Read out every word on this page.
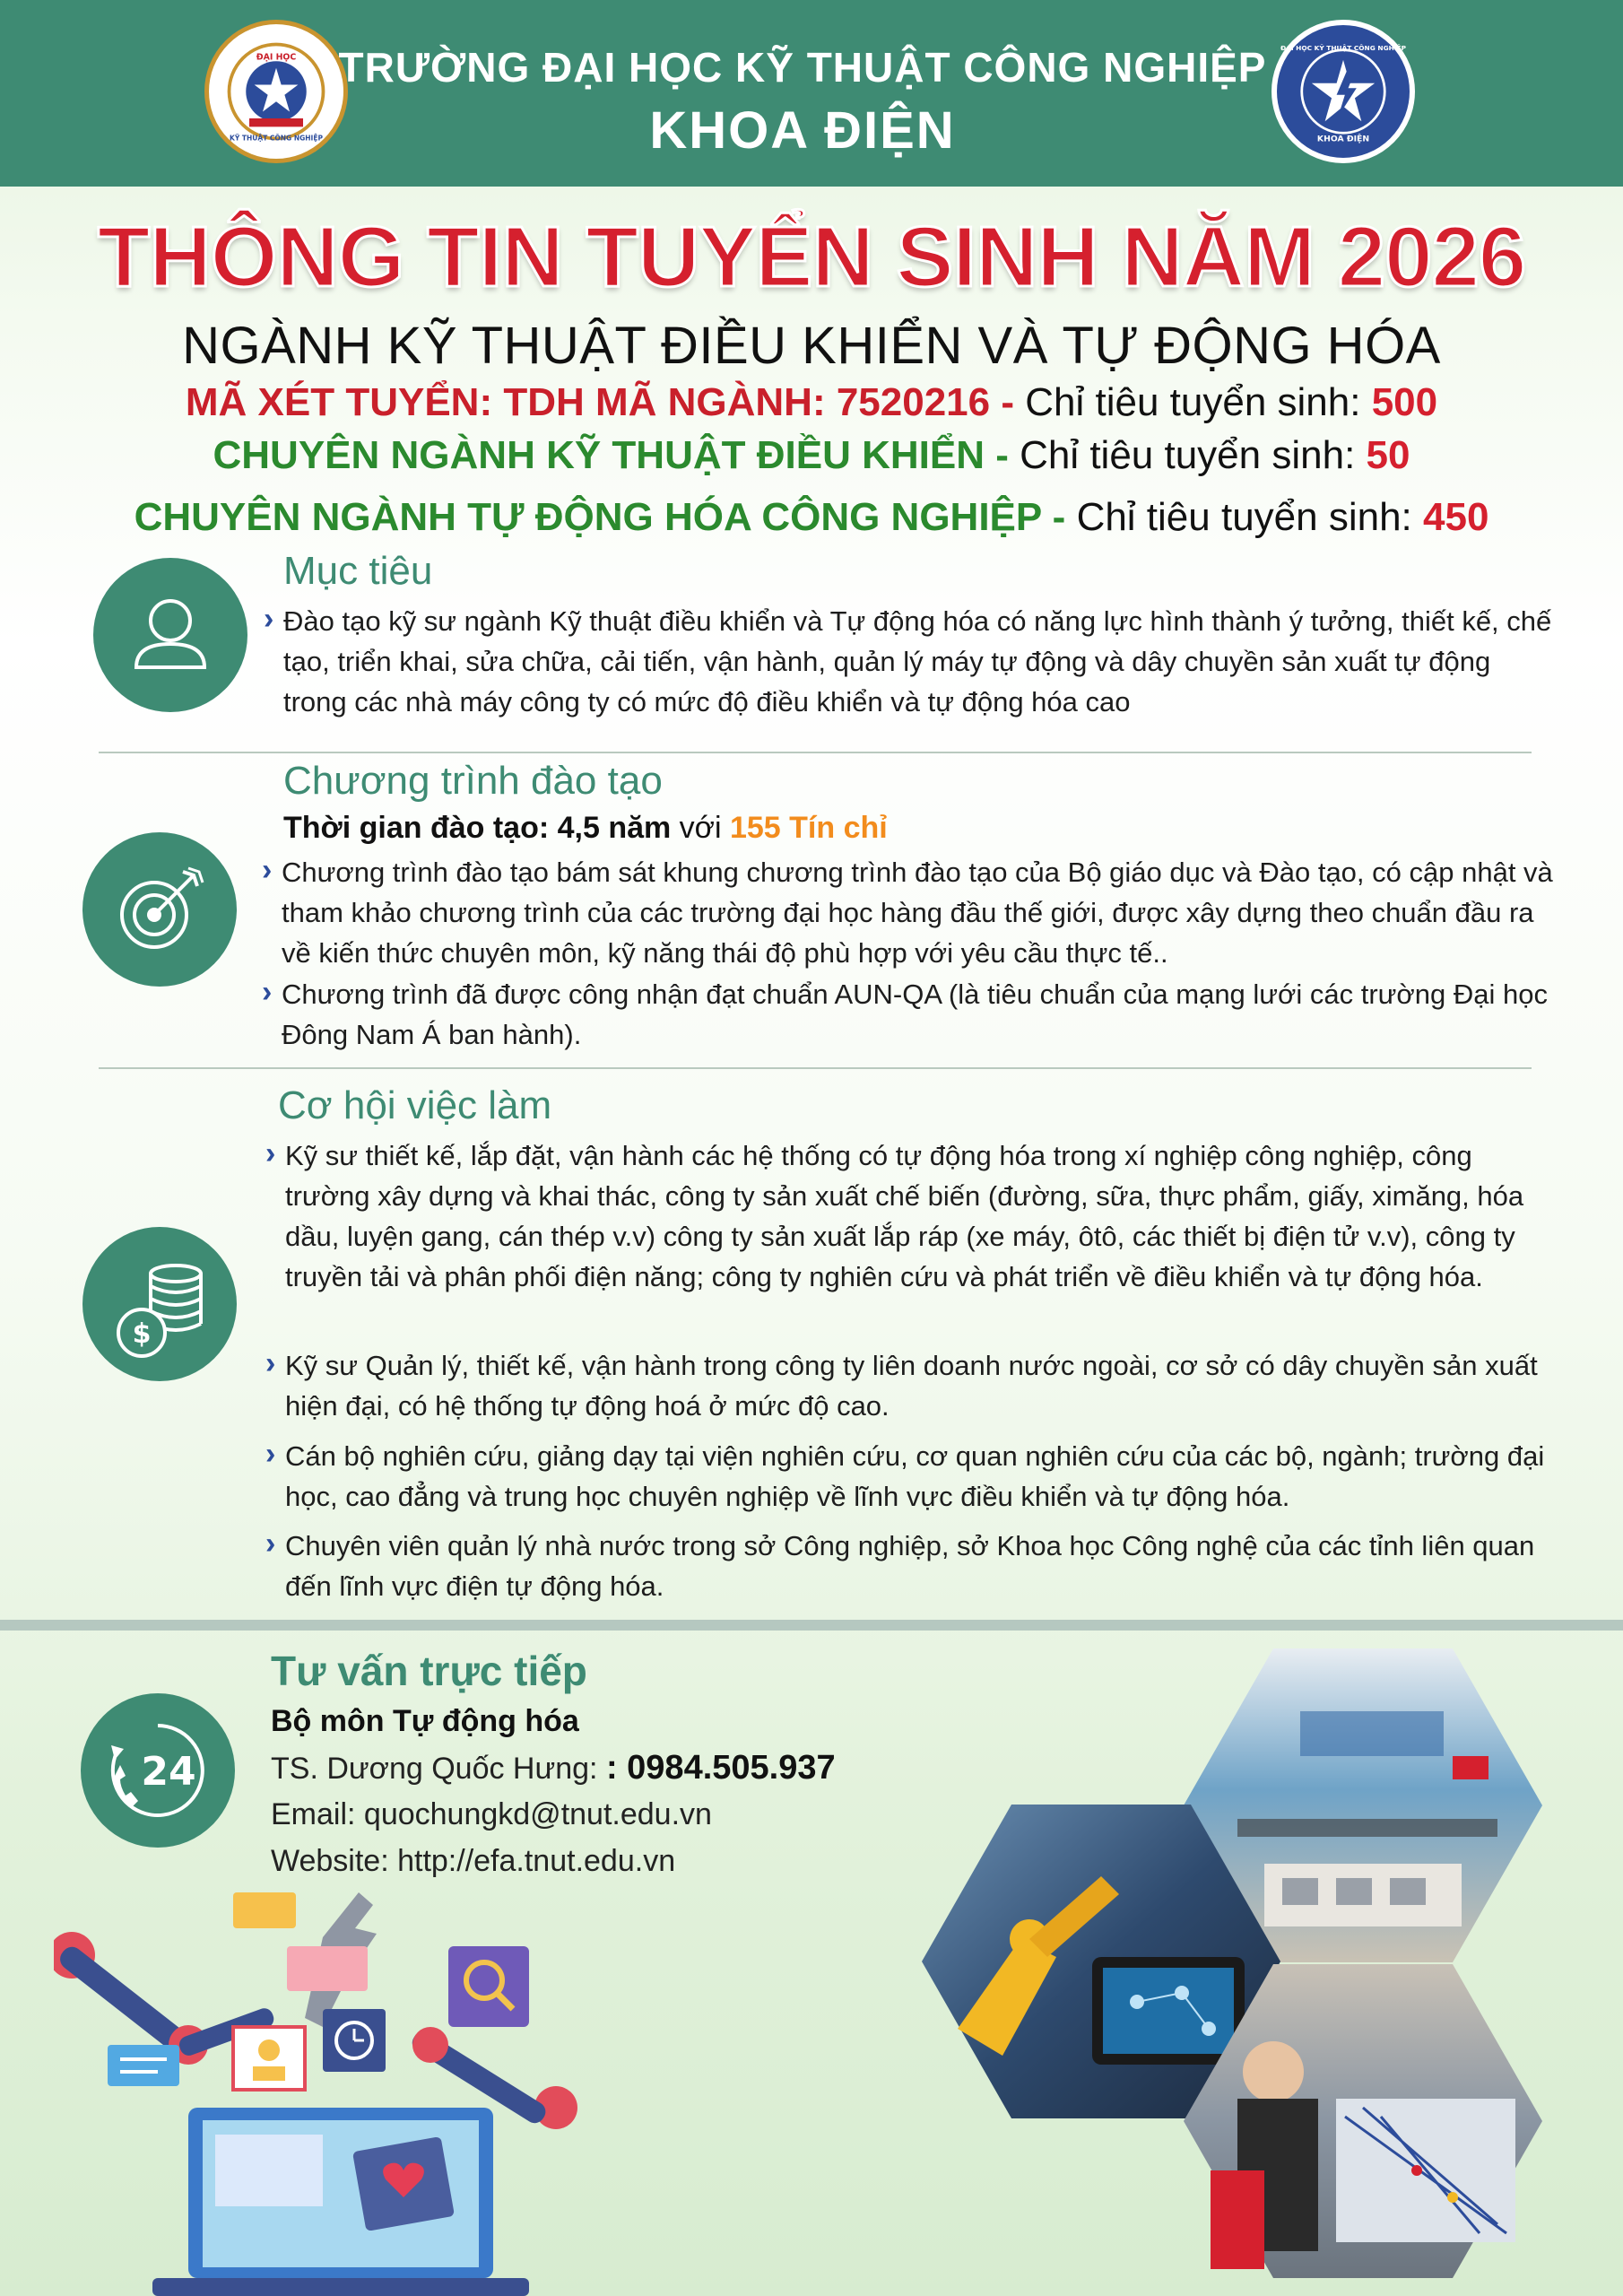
ĐẠI HỌC
KỸ THUẬT CÔNG NGHIỆP
TRƯỜNG ĐẠI HỌC KỸ THUẬT CÔNG NGHIỆP
KHOA ĐIỆN
ĐẠI HỌC KỸ THUẬT CÔNG NGHIỆP
KHOA ĐIỆN
THÔNG TIN TUYỂN SINH NĂM 2026
NGÀNH KỸ THUẬT ĐIỀU KHIỂN VÀ TỰ ĐỘNG HÓA
MÃ XÉT TUYỂN: TDH MÃ NGÀNH: 7520216 - Chỉ tiêu tuyển sinh: 500
CHUYÊN NGÀNH KỸ THUẬT ĐIỀU KHIỂN - Chỉ tiêu tuyển sinh: 50
CHUYÊN NGÀNH TỰ ĐỘNG HÓA CÔNG NGHIỆP - Chỉ tiêu tuyển sinh: 450
Mục tiêu
› Đào tạo kỹ sư ngành Kỹ thuật điều khiển và Tự động hóa có năng lực hình thành ý tưởng, thiết kế, chế tạo, triển khai, sửa chữa, cải tiến, vận hành, quản lý máy tự động và dây chuyền sản xuất tự động trong các nhà máy công ty có mức độ điều khiển và tự động hóa cao
Chương trình đào tạo
Thời gian đào tạo: 4,5 năm với 155 Tín chỉ
› Chương trình đào tạo bám sát khung chương trình đào tạo của Bộ giáo dục và Đào tạo, có cập nhật và tham khảo chương trình của các trường đại học hàng đầu thế giới, được xây dựng theo chuẩn đầu ra về kiến thức chuyên môn, kỹ năng thái độ phù hợp với yêu cầu thực tế..
› Chương trình đã được công nhận đạt chuẩn AUN-QA (là tiêu chuẩn của mạng lưới các trường Đại học Đông Nam Á ban hành).
$
Cơ hội việc làm
› Kỹ sư thiết kế, lắp đặt, vận hành các hệ thống có tự động hóa trong xí nghiệp công nghiệp, công trường xây dựng và khai thác, công ty sản xuất chế biến (đường, sữa, thực phẩm, giấy, ximăng, hóa dầu, luyện gang, cán thép v.v) công ty sản xuất lắp ráp (xe máy, ôtô, các thiết bị điện tử v.v), công ty truyền tải và phân phối điện năng; công ty nghiên cứu và phát triển về điều khiển và tự động hóa.
› Kỹ sư Quản lý, thiết kế, vận hành trong công ty liên doanh nước ngoài, cơ sở có dây chuyền sản xuất hiện đại, có hệ thống tự động hoá ở mức độ cao.
› Cán bộ nghiên cứu, giảng dạy tại viện nghiên cứu, cơ quan nghiên cứu của các bộ, ngành; trường đại học, cao đẳng và trung học chuyên nghiệp về lĩnh vực điều khiển và tự động hóa.
› Chuyên viên quản lý nhà nước trong sở Công nghiệp, sở Khoa học Công nghệ của các tỉnh liên quan đến lĩnh vực điện tự động hóa.
24
Tư vấn trực tiếp
Bộ môn Tự động hóa
TS. Dương Quốc Hưng: : 0984.505.937
Email: quochungkd@tnut.edu.vn
Website: http://efa.tnut.edu.vn
